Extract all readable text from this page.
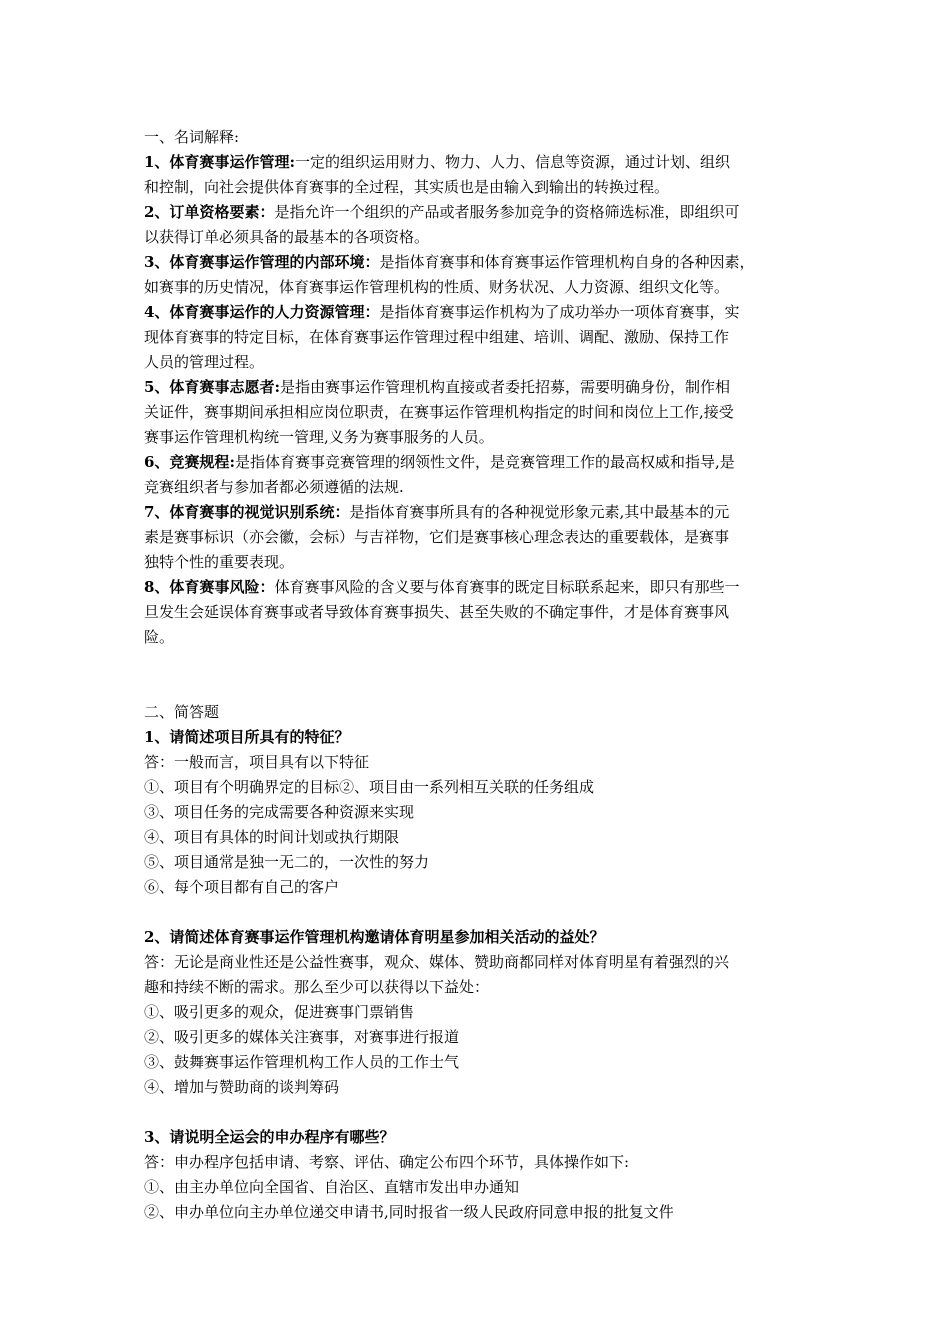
一、名词解释:
1、体育赛事运作管理:一定的组织运用财力、物力、人力、信息等资源，通过计划、组织
和控制，向社会提供体育赛事的全过程，其实质也是由输入到输出的转换过程。
2、订单资格要素：是指允许一个组织的产品或者服务参加竞争的资格筛选标准，即组织可
以获得订单必须具备的最基本的各项资格。
3、体育赛事运作管理的内部环境：是指体育赛事和体育赛事运作管理机构自身的各种因素，
如赛事的历史情况，体育赛事运作管理机构的性质、财务状况、人力资源、组织文化等。
4、体育赛事运作的人力资源管理：是指体育赛事运作机构为了成功举办一项体育赛事，实
现体育赛事的特定目标，在体育赛事运作管理过程中组建、培训、调配、激励、保持工作
人员的管理过程。
5、体育赛事志愿者:是指由赛事运作管理机构直接或者委托招募，需要明确身份，制作相
关证件，赛事期间承担相应岗位职责，在赛事运作管理机构指定的时间和岗位上工作,接受
赛事运作管理机构统一管理,义务为赛事服务的人员。
6、竞赛规程:是指体育赛事竞赛管理的纲领性文件，是竞赛管理工作的最高权威和指导,是
竞赛组织者与参加者都必须遵循的法规.
7、体育赛事的视觉识别系统：是指体育赛事所具有的各种视觉形象元素,其中最基本的元
素是赛事标识（亦会徽，会标）与吉祥物，它们是赛事核心理念表达的重要载体，是赛事
独特个性的重要表现。
8、体育赛事风险：体育赛事风险的含义要与体育赛事的既定目标联系起来，即只有那些一
旦发生会延误体育赛事或者导致体育赛事损失、甚至失败的不确定事件，才是体育赛事风
险。
二、简答题
1、请简述项目所具有的特征？
答：一般而言，项目具有以下特征
①、项目有个明确界定的目标②、项目由一系列相互关联的任务组成
③、项目任务的完成需要各种资源来实现
④、项目有具体的时间计划或执行期限
⑤、项目通常是独一无二的，一次性的努力
⑥、每个项目都有自己的客户
2、请简述体育赛事运作管理机构邀请体育明星参加相关活动的益处？
答：无论是商业性还是公益性赛事，观众、媒体、赞助商都同样对体育明星有着强烈的兴
趣和持续不断的需求。那么至少可以获得以下益处：
①、吸引更多的观众，促进赛事门票销售
②、吸引更多的媒体关注赛事，对赛事进行报道
③、鼓舞赛事运作管理机构工作人员的工作士气
④、增加与赞助商的谈判筹码
3、请说明全运会的申办程序有哪些？
答：申办程序包括申请、考察、评估、确定公布四个环节，具体操作如下:
①、由主办单位向全国省、自治区、直辖市发出申办通知
②、申办单位向主办单位递交申请书,同时报省一级人民政府同意申报的批复文件
